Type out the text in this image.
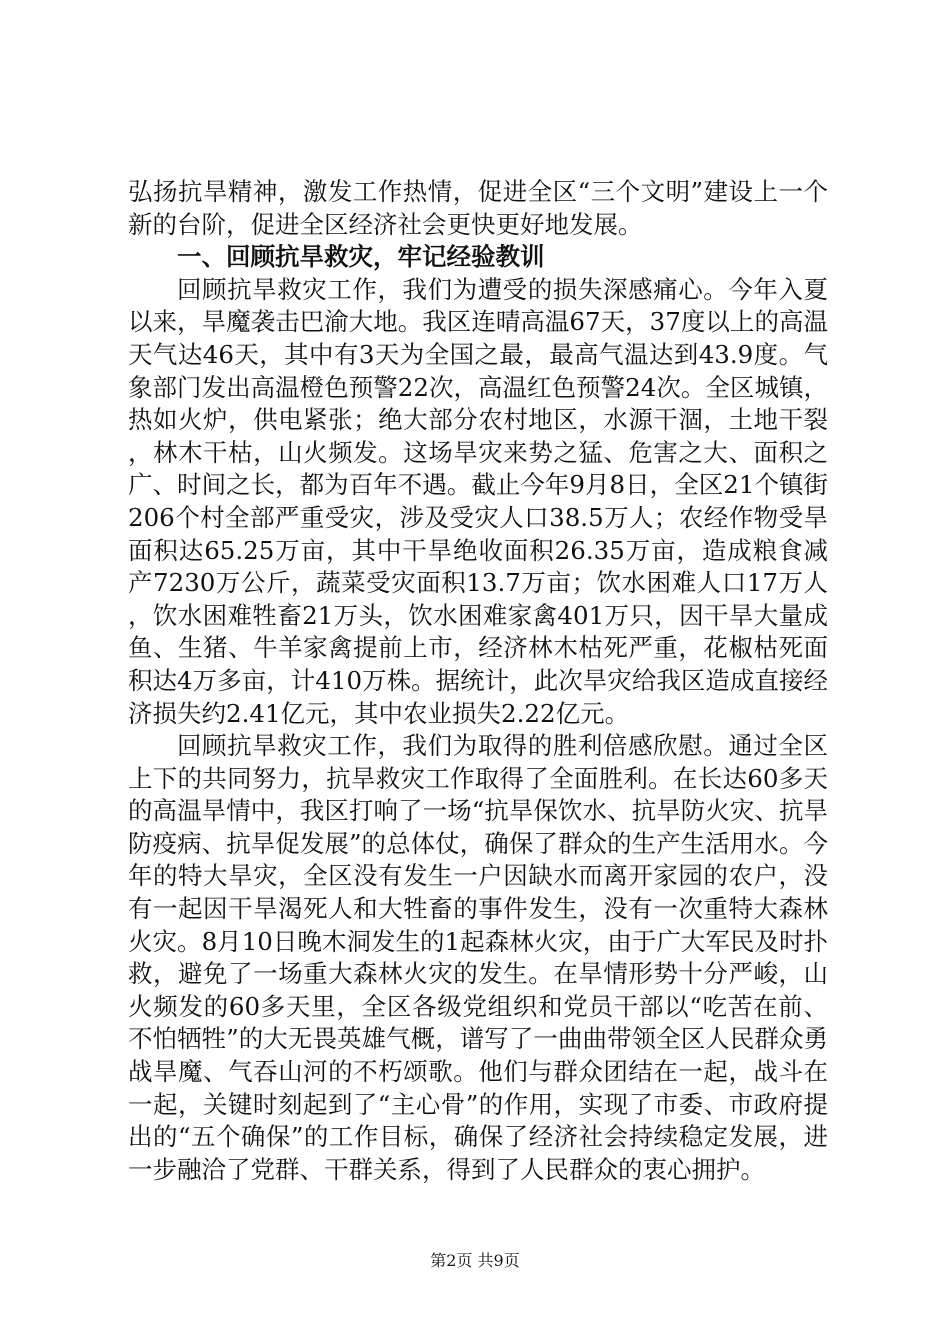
弘扬抗旱精神，激发工作热情，促进全区“三个文明”建设上一个新的台阶，促进全区经济社会更快更好地发展。

一、回顾抗旱救灾，牢记经验教训

回顾抗旱救灾工作，我们为遭受的损失深感痛心。今年入夏以来，旱魔袭击巴渝大地。我区连晴高温67天，37度以上的高温天气达46天，其中有3天为全国之最，最高气温达到43.9度。气象部门发出高温橙色预警22次，高温红色预警24次。全区城镇，热如火炉，供电紧张；绝大部分农村地区，水源干涸，土地干裂，林木干枯，山火频发。这场旱灾来势之猛、危害之大、面积之广、时间之长，都为百年不遇。截止今年9月8日，全区21个镇街206个村全部严重受灾，涉及受灾人口38.5万人；农经作物受旱面积达65.25万亩，其中干旱绝收面积26.35万亩，造成粮食减产7230万公斤，蔬菜受灾面积13.7万亩；饮水困难人口17万人，饮水困难牲畜21万头，饮水困难家禽401万只，因干旱大量成鱼、生猪、牛羊家禽提前上市，经济林木枯死严重，花椒枯死面积达4万多亩，计410万株。据统计，此次旱灾给我区造成直接经济损失约2.41亿元，其中农业损失2.22亿元。

回顾抗旱救灾工作，我们为取得的胜利倍感欣慰。通过全区上下的共同努力，抗旱救灾工作取得了全面胜利。在长达60多天的高温旱情中，我区打响了一场“抗旱保饮水、抗旱防火灾、抗旱防疫病、抗旱促发展”的总体仗，确保了群众的生产生活用水。今年的特大旱灾，全区没有发生一户因缺水而离开家园的农户，没有一起因干旱渴死人和大牲畜的事件发生，没有一次重特大森林火灾。8月10日晚木洞发生的1起森林火灾，由于广大军民及时扑救，避免了一场重大森林火灾的发生。在旱情形势十分严峻，山火频发的60多天里，全区各级党组织和党员干部以“吃苦在前、不怕牺牲”的大无畏英雄气概，谱写了一曲曲带领全区人民群众勇战旱魔、气吞山河的不朽颂歌。他们与群众团结在一起，战斗在一起，关键时刻起到了“主心骨”的作用，实现了市委、市政府提出的“五个确保”的工作目标，确保了经济社会持续稳定发展，进一步融洽了党群、干群关系，得到了人民群众的衷心拥护。

第2页 共9页
